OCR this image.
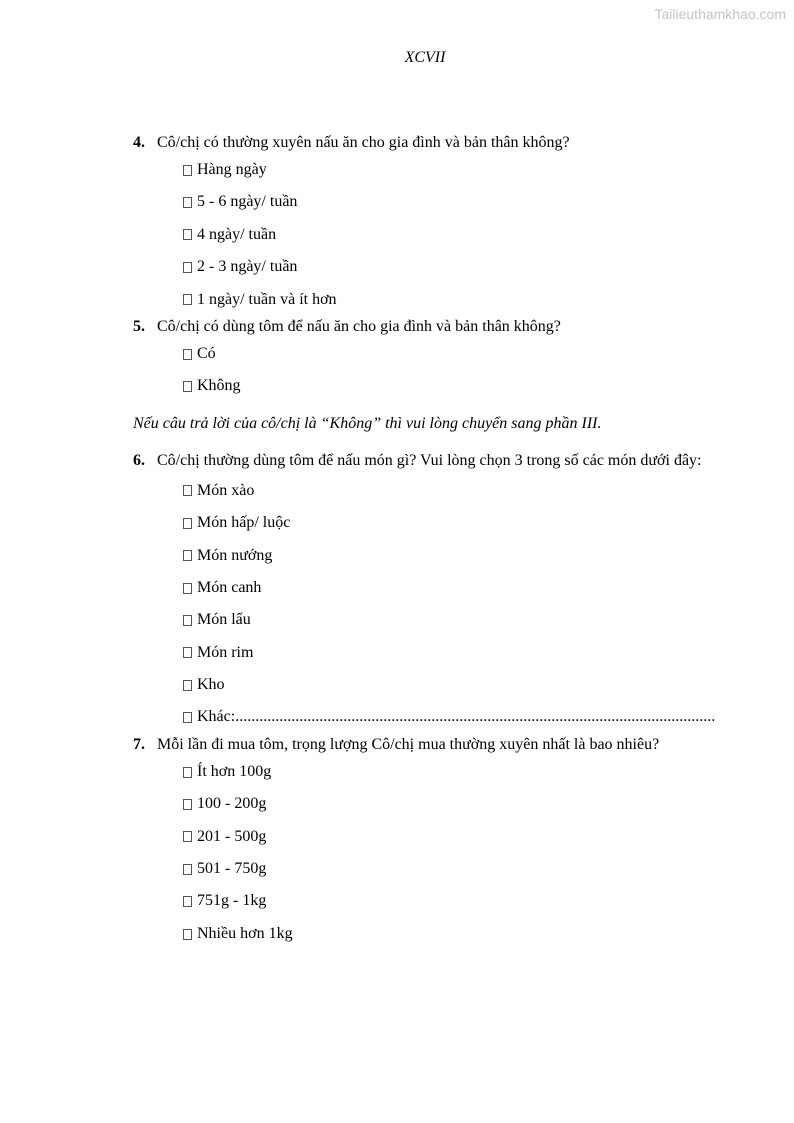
Tailieuthamkhao.com
XCVII

4. Cô/chị có thường xuyên nấu ăn cho gia đình và bản thân không?

Hàng ngày
5 - 6 ngày/ tuần
4 ngày/ tuần
2 - 3 ngày/ tuần
1 ngày/ tuần và ít hơn

5. Cô/chị có dùng tôm để nấu ăn cho gia đình và bản thân không?

Có
Không

Nếu câu trả lời của cô/chị là “Không” thì vui lòng chuyển sang phần III.

6. Cô/chị thường dùng tôm để nấu món gì? Vui lòng chọn 3 trong số các món dưới đây:

Món xào
Món hấp/ luộc
Món nướng
Món canh
Món lẩu
Món rim
Kho
Khác: ........................................................................................................................

7. Mỗi lần đi mua tôm, trọng lượng Cô/chị mua thường xuyên nhất là bao nhiêu?

Ít hơn 100g
100 - 200g
201 - 500g
501 - 750g
751g - 1kg
Nhiều hơn 1kg
